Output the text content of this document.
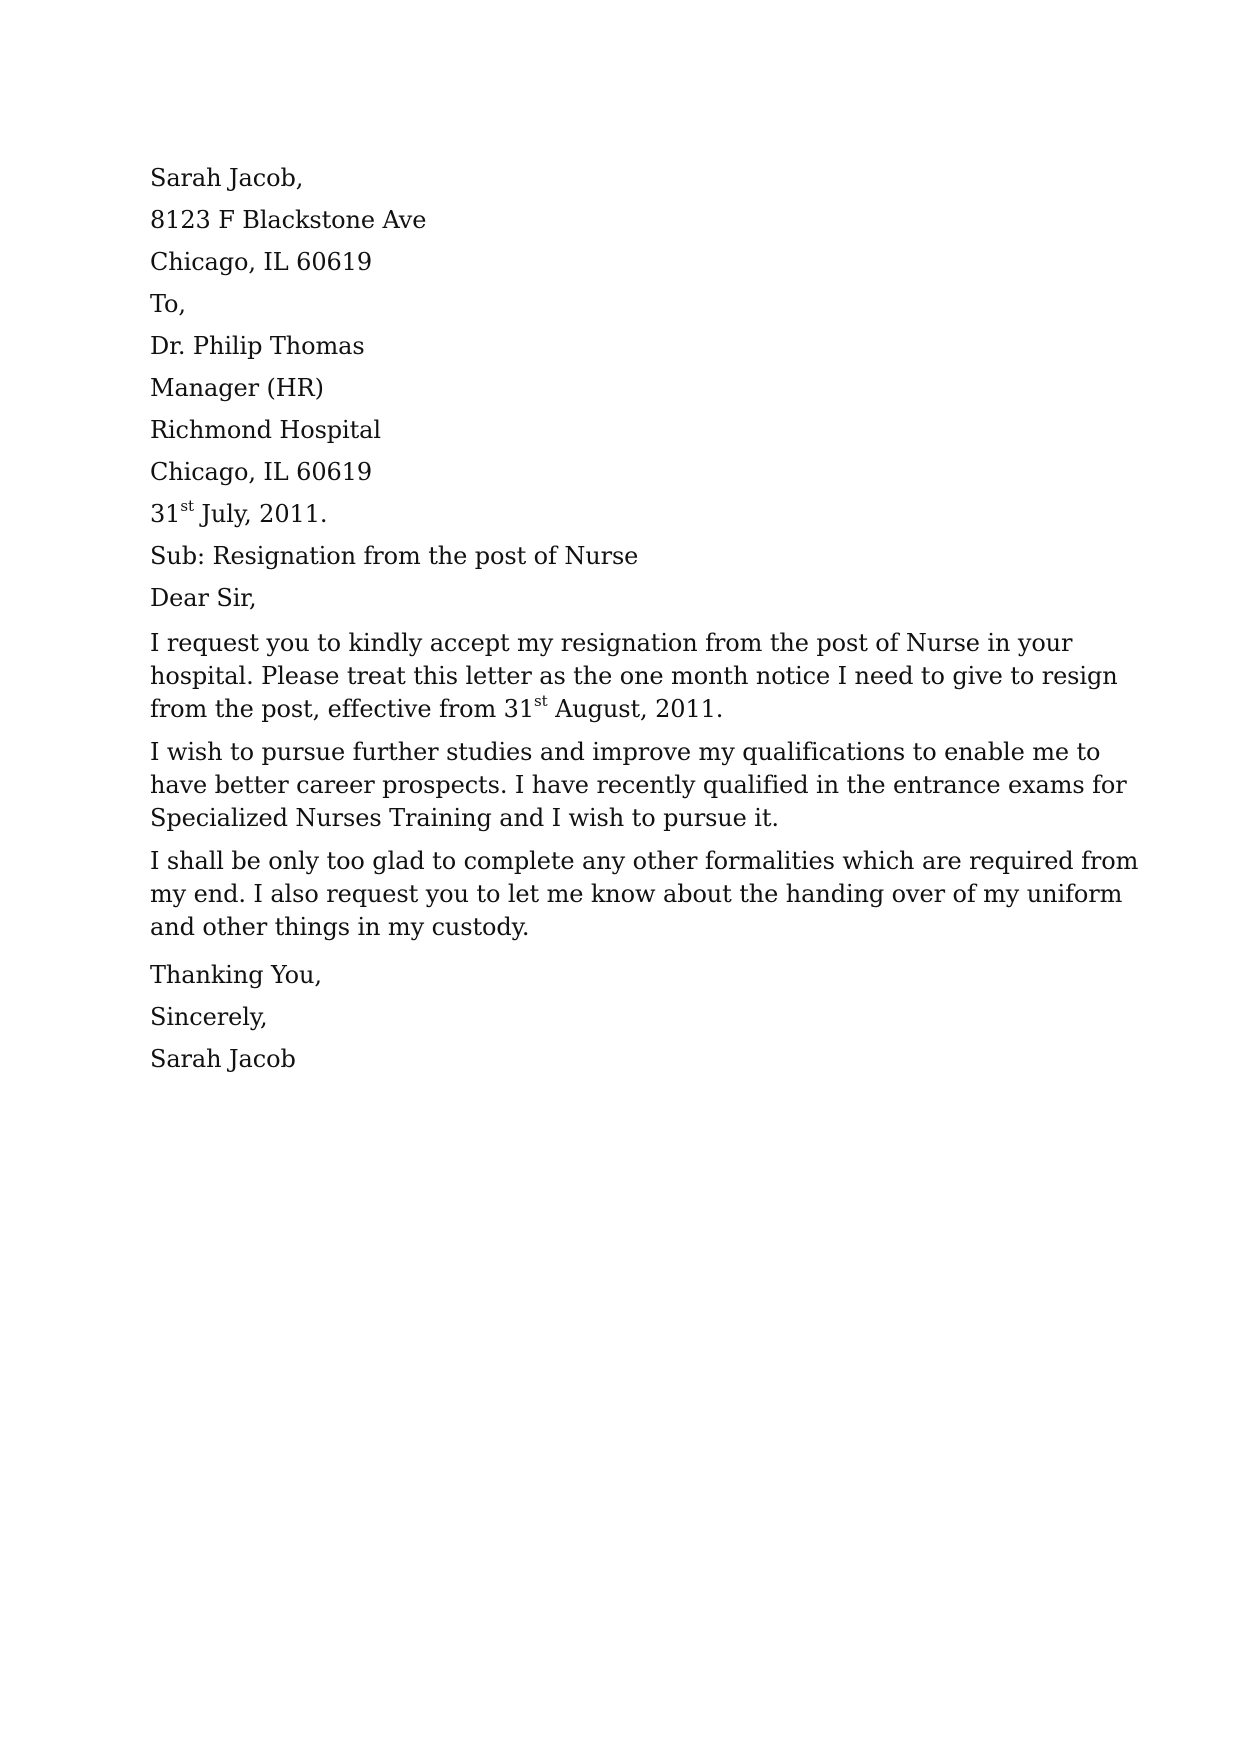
Sarah Jacob,
8123 F Blackstone Ave
Chicago, IL 60619
To,
Dr. Philip Thomas
Manager (HR)
Richmond Hospital
Chicago, IL 60619
31st July, 2011.
Sub: Resignation from the post of Nurse
Dear Sir,
I request you to kindly accept my resignation from the post of Nurse in your
hospital. Please treat this letter as the one month notice I need to give to resign
from the post, effective from 31st August, 2011.
I wish to pursue further studies and improve my qualifications to enable me to
have better career prospects. I have recently qualified in the entrance exams for
Specialized Nurses Training and I wish to pursue it.
I shall be only too glad to complete any other formalities which are required from
my end. I also request you to let me know about the handing over of my uniform
and other things in my custody.
Thanking You,
Sincerely,
Sarah Jacob
